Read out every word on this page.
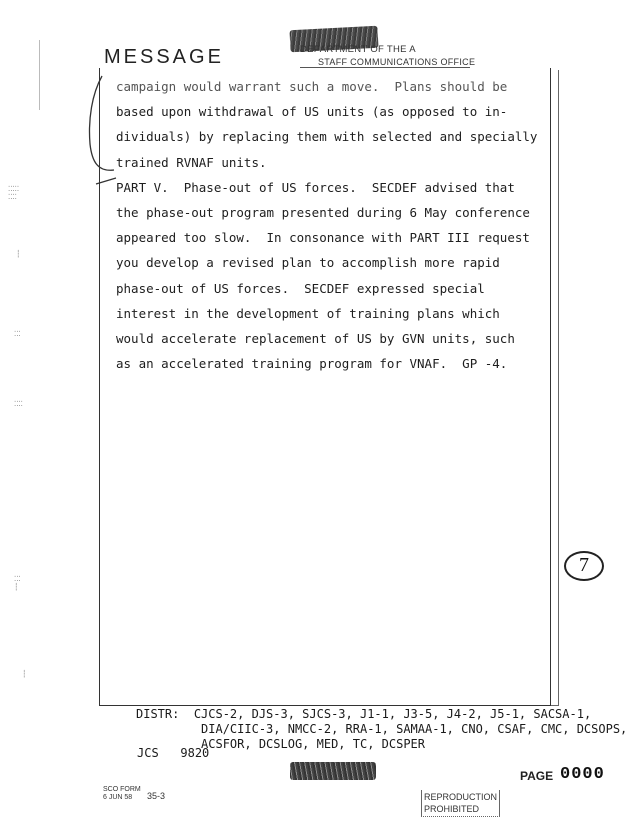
⁚⁚⁚⁚⁚
⁚⁚⁚⁚
┆
⁚⁚⁚
⁚⁚⁚⁚
⁚⁚⁚
┆
┆
MESSAGE	DEPARTMENT OF THE A
STAFF COMMUNICATIONS OFFICE
campaign would warrant such a move.  Plans should be
based upon withdrawal of US units (as opposed to in-
dividuals) by replacing them with selected and specially
trained RVNAF units.
PART V.  Phase-out of US forces.  SECDEF advised that
the phase-out program presented during 6 May conference
appeared too slow.  In consonance with PART III request
you develop a revised plan to accomplish more rapid
phase-out of US forces.  SECDEF expressed special
interest in the development of training plans which
would accelerate replacement of US by GVN units, such
as an accelerated training program for VNAF.  GP -4.
7
DISTR: CJCS-2, DJS-3, SJCS-3, J1-1, J3-5, J4-2, J5-1, SACSA-1,
DIA/CIIC-3, NMCC-2, RRA-1, SAMAA-1, CNO, CSAF, CMC, DCSOPS,
ACSFOR, DCSLOG, MED, TC, DCSPER
JCS 9820
PAGE 0000
SCO FORM
6 JUN 58	35-3	REPRODUCTION
PROHIBITED
